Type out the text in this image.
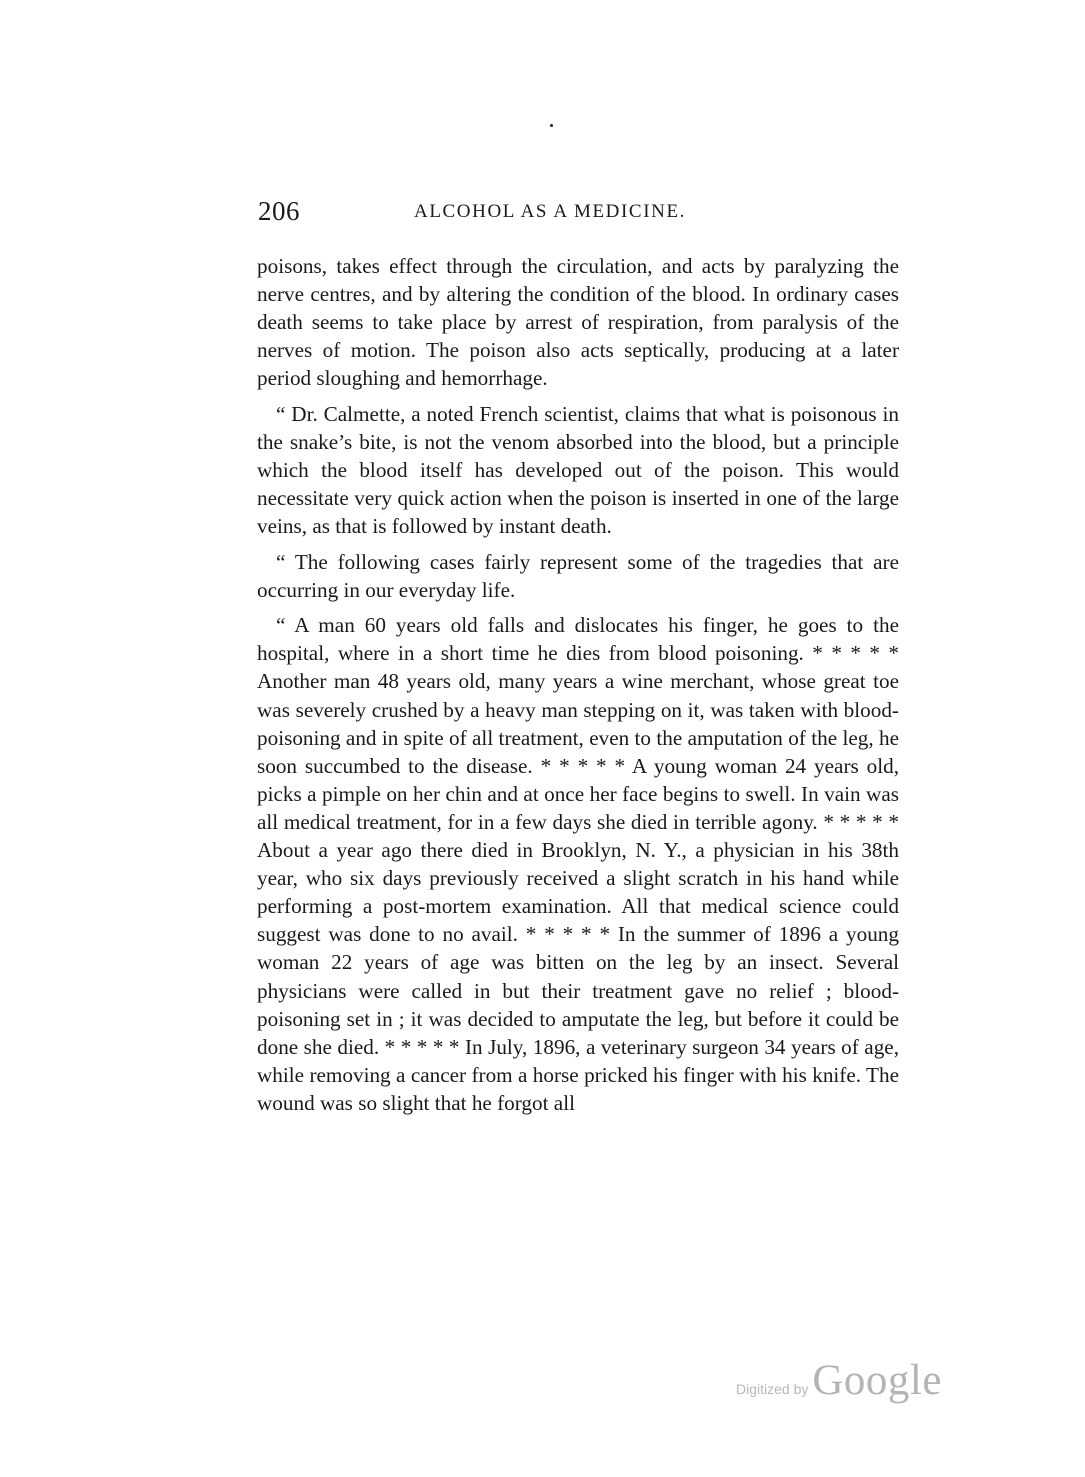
206	ALCOHOL AS A MEDICINE.

poisons, takes effect through the circulation, and acts by paralyzing the nerve centres, and by altering the condition of the blood. In ordinary cases death seems to take place by arrest of respiration, from paralysis of the nerves of motion. The poison also acts septically, producing at a later period sloughing and hemorrhage.

“ Dr. Calmette, a noted French scientist, claims that what is poisonous in the snake’s bite, is not the venom absorbed into the blood, but a principle which the blood itself has developed out of the poison. This would necessitate very quick action when the poison is inserted in one of the large veins, as that is followed by instant death.

“ The following cases fairly represent some of the tragedies that are occurring in our everyday life.

“ A man 60 years old falls and dislocates his finger, he goes to the hospital, where in a short time he dies from blood poisoning. * * * * * Another man 48 years old, many years a wine merchant, whose great toe was severely crushed by a heavy man stepping on it, was taken with blood-poisoning and in spite of all treatment, even to the amputation of the leg, he soon succumbed to the disease. * * * * * A young woman 24 years old, picks a pimple on her chin and at once her face begins to swell. In vain was all medical treatment, for in a few days she died in terrible agony. * * * * * About a year ago there died in Brooklyn, N. Y., a physician in his 38th year, who six days previously received a slight scratch in his hand while performing a post-mortem examination. All that medical science could suggest was done to no avail. * * * * * In the summer of 1896 a young woman 22 years of age was bitten on the leg by an insect. Several physicians were called in but their treatment gave no relief ; blood-poisoning set in ; it was decided to amputate the leg, but before it could be done she died. * * * * * In July, 1896, a veterinary surgeon 34 years of age, while removing a cancer from a horse pricked his finger with his knife. The wound was so slight that he forgot all

Digitized by Google
